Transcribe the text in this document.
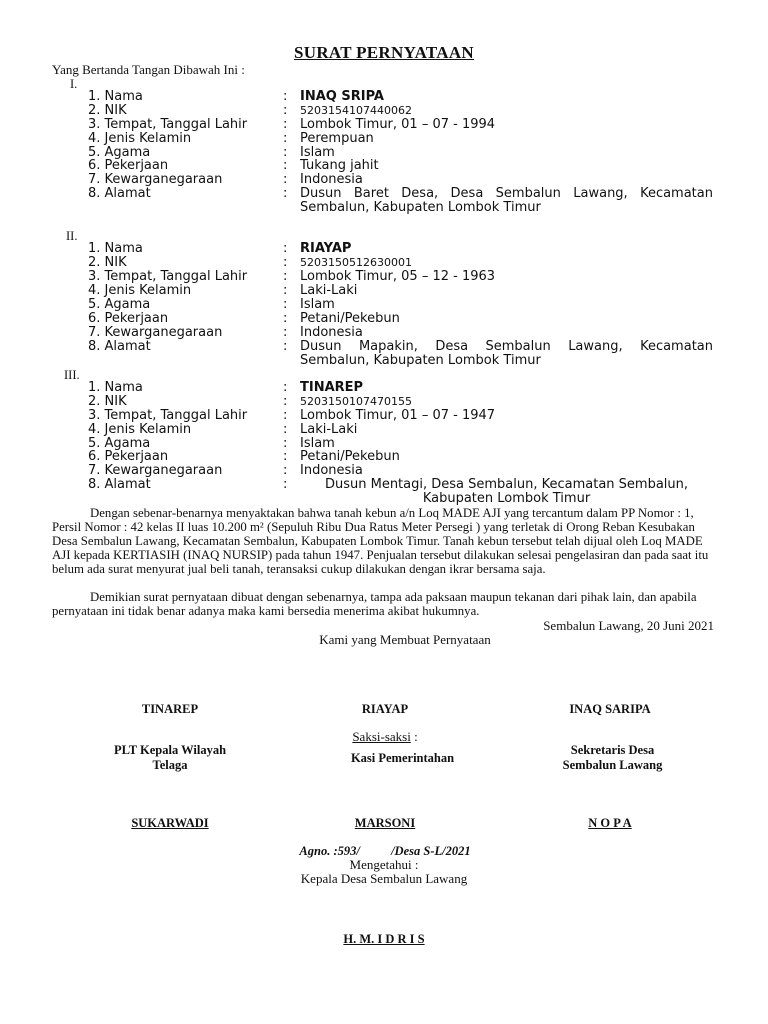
SURAT PERNYATAAN
Yang Bertanda Tangan Dibawah Ini :
I.
1. Nama	: INAQ SRIPA
2. NIK	: 5203154107440062
3. Tempat, Tanggal Lahir	: Lombok Timur, 01 – 07 - 1994
4. Jenis Kelamin	: Perempuan
5. Agama	: Islam
6. Pekerjaan	: Tukang jahit
7. Kewarganegaraan	: Indonesia
8. Alamat	: Dusun Baret Desa, Desa Sembalun Lawang, Kecamatan Sembalun, Kabupaten Lombok Timur
II.
1. Nama	: RIAYAP
2. NIK	: 5203150512630001
3. Tempat, Tanggal Lahir	: Lombok Timur, 05 – 12 - 1963
4. Jenis Kelamin	: Laki-Laki
5. Agama	: Islam
6. Pekerjaan	: Petani/Pekebun
7. Kewarganegaraan	: Indonesia
8. Alamat	: Dusun Mapakin, Desa Sembalun Lawang, Kecamatan Sembalun, Kabupaten Lombok Timur
III.
1. Nama	: TINAREP
2. NIK	: 5203150107470155
3. Tempat, Tanggal Lahir	: Lombok Timur, 01 – 07 - 1947
4. Jenis Kelamin	: Laki-Laki
5. Agama	: Islam
6. Pekerjaan	: Petani/Pekebun
7. Kewarganegaraan	: Indonesia
8. Alamat	:	Dusun Mentagi, Desa Sembalun, Kecamatan Sembalun, Kabupaten Lombok Timur
Dengan sebenar-benarnya menyaktakan bahwa tanah kebun a/n Loq MADE AJI yang tercantum dalam PP Nomor : 1, Persil Nomor : 42 kelas II luas 10.200 m² (Sepuluh Ribu Dua Ratus Meter Persegi ) yang terletak di Orong Reban Kesubakan Desa Sembalun Lawang, Kecamatan Sembalun, Kabupaten Lombok Timur. Tanah kebun tersebut telah dijual oleh Loq MADE AJI kepada KERTIASIH (INAQ NURSIP) pada tahun 1947. Penjualan tersebut dilakukan selesai pengelasiran dan pada saat itu belum ada surat menyurat jual beli tanah, teransaksi cukup dilakukan dengan ikrar bersama saja.
Demikian surat pernyataan dibuat dengan sebenarnya, tampa ada paksaan maupun tekanan dari pihak lain, dan apabila pernyataan ini tidak benar adanya maka kami bersedia menerima akibat hukumnya.
Sembalun Lawang, 20 Juni 2021
Kami yang Membuat Pernyataan
TINAREP	RIAYAP	INAQ SARIPA
Saksi-saksi :
PLT Kepala Wilayah
Telaga	Kasi Pemerintahan
Sekretaris Desa
Sembalun Lawang
SUKARWADI	MARSONI	N O P A
Agno. :593/          /Desa S-L/2021
Mengetahui :
Kepala Desa Sembalun Lawang
H. M. I D R I S
